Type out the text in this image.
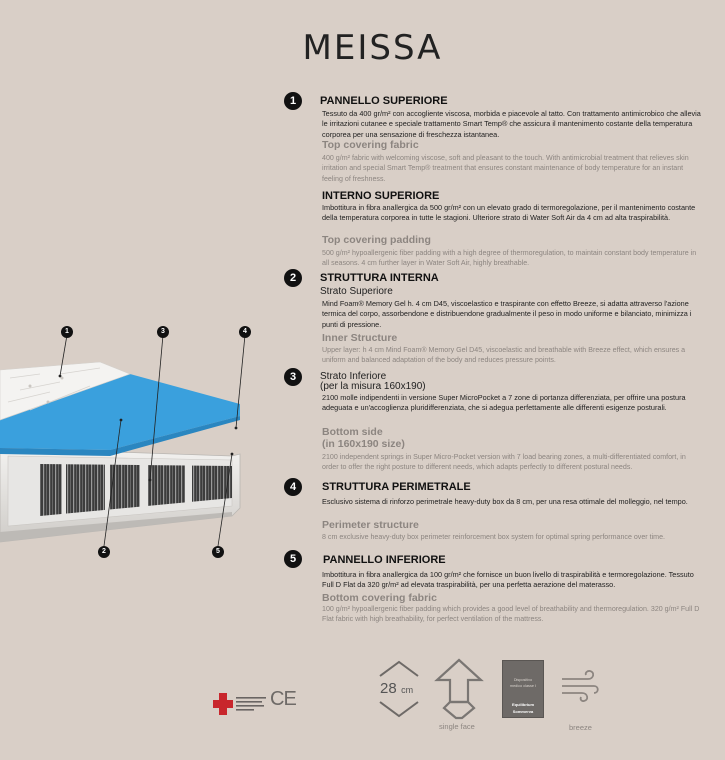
MEISSA
1	PANNELLO SUPERIORE
Tessuto da 400 gr/m² con accogliente viscosa, morbida e piacevole al tatto. Con trattamento antimicrobico che allevia le irritazioni cutanee e speciale trattamento Smart Temp® che assicura il mantenimento costante della temperatura corporea per una sensazione di freschezza istantanea.
Top covering fabric
400 g/m² fabric with welcoming viscose, soft and pleasant to the touch. With antimicrobial treatment that relieves skin irritation and special Smart Temp® treatment that ensures constant maintenance of body temperature for an instant feeling of freshness.
INTERNO SUPERIORE
Imbottitura in fibra anallergica da 500 gr/m² con un elevato grado di termoregolazione, per il mantenimento costante della temperatura corporea in tutte le stagioni. Ulteriore strato di Water Soft Air da 4 cm ad alta traspirabilità.
Top covering padding
500 g/m² hypoallergenic fiber padding with a high degree of thermoregulation, to maintain constant body temperature in all seasons. 4 cm further layer in Water Soft Air, highly breathable.
2	STRUTTURA INTERNA
Strato Superiore
Mind Foam® Memory Gel h. 4 cm D45, viscoelastico e traspirante con effetto Breeze, si adatta attraverso l'azione termica del corpo, assorbendone e distribuendone gradualmente il peso in modo uniforme e bilanciato, minimizza i punti di pressione.
Inner Structure
Upper layer: h 4 cm Mind Foam® Memory Gel D45, viscoelastic and breathable with Breeze effect, which ensures a uniform and balanced adaptation of the body and reduces pressure points.
3	Strato Inferiore
(per la misura 160x190)
2100 molle indipendenti in versione Super MicroPocket a 7 zone di portanza differenziata, per offrire una postura adeguata e un'accoglienza pluridifferenziata, che si adegua perfettamente alle differenti esigenze posturali.
Bottom side
(in 160x190 size)
2100 independent springs in Super Micro-Pocket version with 7 load bearing zones, a multi-differentiated comfort, in order to offer the right posture to different needs, which adapts perfectly to different postural needs.
4	STRUTTURA PERIMETRALE
Esclusivo sistema di rinforzo perimetrale heavy-duty box da 8 cm, per una resa ottimale del molleggio, nel tempo.
Perimeter structure
8 cm exclusive heavy-duty box perimeter reinforcement box system for optimal spring performance over time.
5	PANNELLO INFERIORE
Imbottitura in fibra anallergica da 100 gr/m² che fornisce un buon livello di traspirabilità e termoregolazione. Tessuto Full D Flat da 320 gr/m² ad elevata traspirabilità, per una perfetta aerazione del materasso.
Bottom covering fabric
100 g/m² hypoallergenic fiber padding which provides a good level of breathability and thermoregulation. 320 g/m² Full D Flat fabric with high breathability, for perfect ventilation of the mattress.
1	3	4
2	5
CE	28 cm
single face
Dispositivo
medico classe I
Equilibrium
Sommerva
breeze
